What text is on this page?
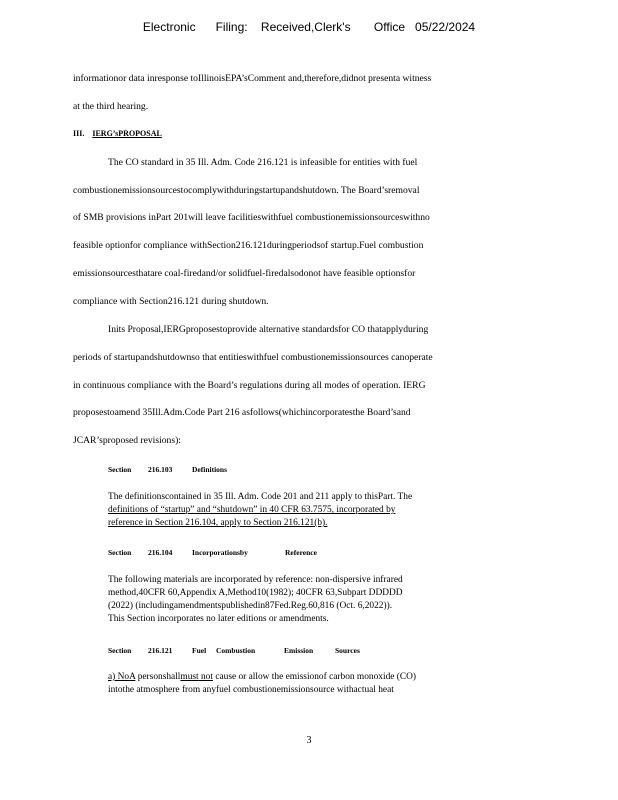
Electronic      Filing:    Received,Clerk's       Office   05/22/2024
informationor data inresponse toIllinoisEPA’sComment and,therefore,didnot presenta witness
at the third hearing.
III. IERG’sPROPOSAL
The CO standard in 35 Ill. Adm. Code 216.121 is infeasible for entities with fuel
combustionemissionsourcestocomplywithduringstartupandshutdown. The Board’sremoval
of SMB provisions inPart 201will leave facilitieswithfuel combustionemissionsourceswithno
feasible optionfor compliance withSection216.121duringperiodsof startup.Fuel combustion
emissionsourcesthatare coal-firedand/or solidfuel-firedalsodonot have feasible optionsfor
compliance with Section216.121 during shutdown.
Inits Proposal,IERGproposestoprovide alternative standardsfor CO thatapplyduring
periods of startupandshutdownso that entitieswithfuel combustionemissionsources canoperate
in continuous compliance with the Board’s regulations during all modes of operation. IERG
proposestoamend 35Ill.Adm.Code Part 216 asfollows(whichincorporatesthe Board’sand
JCAR’sproposed revisions):
Section 216.103	Definitions
The definitionscontained in 35 Ill. Adm. Code 201 and 211 apply to thisPart. The
definitions of “startup” and “shutdown” in 40 CFR 63.7575, incorporated by
reference in Section 216.104, apply to Section 216.121(b).
Section 216.104	Incorporationsby	Reference
The following materials are incorporated by reference: non-dispersive infrared
method,40CFR 60,Appendix A,Method10(1982); 40CFR 63,Subpart DDDDD
(2022) (includingamendmentspublishedin87Fed.Reg.60,816 (Oct. 6,2022)).
This Section incorporates no later editions or amendments.
Section 216.121	Fuel Combustion	Emission	Sources
a) NoA personshallmust not cause or allow the emissionof carbon monoxide (CO)
intothe atmosphere from anyfuel combustionemissionsource withactual heat
3
